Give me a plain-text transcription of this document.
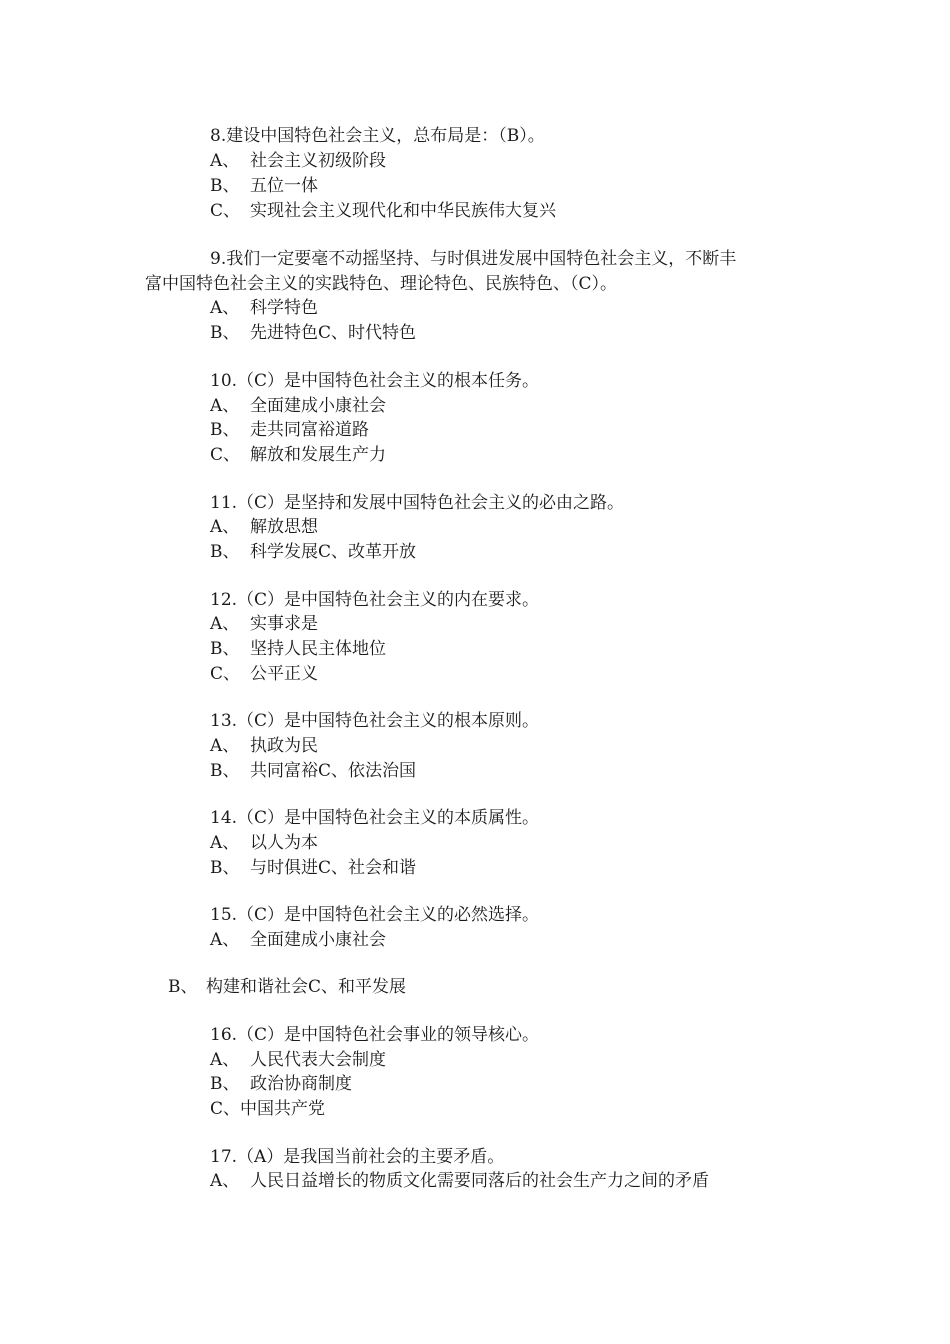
8.建设中国特色社会主义，总布局是：（B）。
A、 社会主义初级阶段
B、 五位一体
C、 实现社会主义现代化和中华民族伟大复兴
9.我们一定要毫不动摇坚持、与时俱进发展中国特色社会主义，不断丰
富中国特色社会主义的实践特色、理论特色、民族特色、（C）。
A、 科学特色
B、 先进特色C、时代特色
10.（C）是中国特色社会主义的根本任务。
A、 全面建成小康社会
B、 走共同富裕道路
C、 解放和发展生产力
11.（C）是坚持和发展中国特色社会主义的必由之路。
A、 解放思想
B、 科学发展C、改革开放
12.（C）是中国特色社会主义的内在要求。
A、 实事求是
B、 坚持人民主体地位
C、 公平正义
13.（C）是中国特色社会主义的根本原则。
A、 执政为民
B、 共同富裕C、依法治国
14.（C）是中国特色社会主义的本质属性。
A、 以人为本
B、 与时俱进C、社会和谐
15.（C）是中国特色社会主义的必然选择。
A、 全面建成小康社会
B、 构建和谐社会C、和平发展
16.（C）是中国特色社会事业的领导核心。
A、 人民代表大会制度
B、 政治协商制度
C、中国共产党
17.（A）是我国当前社会的主要矛盾。
A、 人民日益增长的物质文化需要同落后的社会生产力之间的矛盾
